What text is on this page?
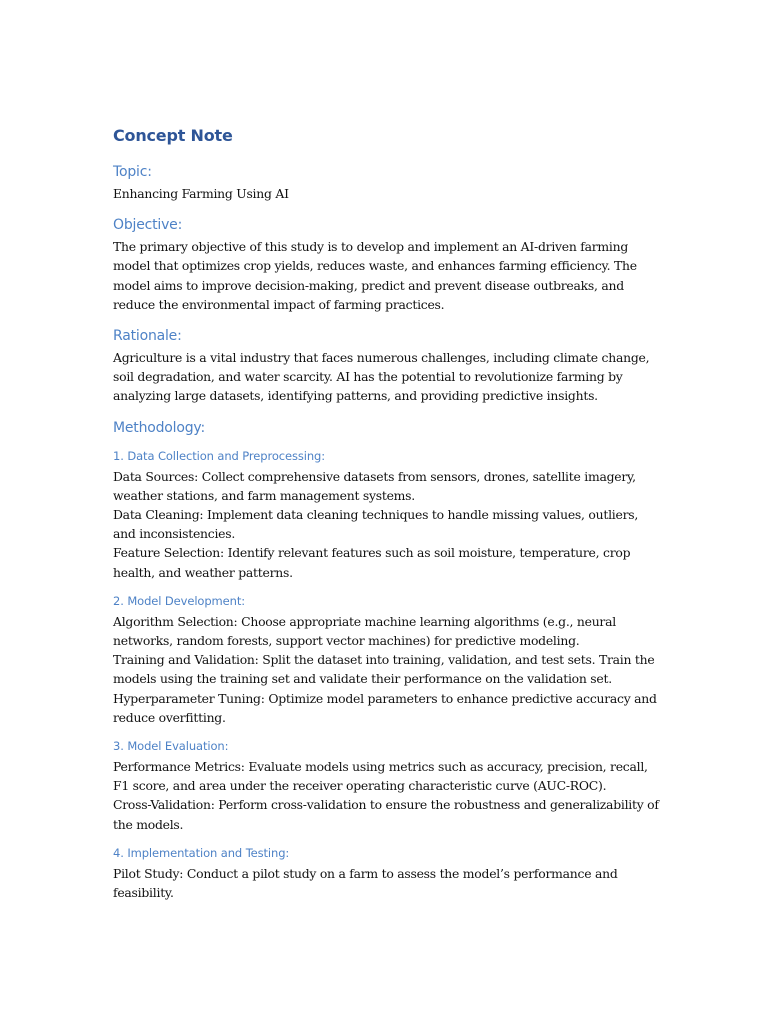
Concept Note
Topic:

Enhancing Farming Using AI

Objective:

The primary objective of this study is to develop and implement an AI-driven farming model that optimizes crop yields, reduces waste, and enhances farming efficiency. The model aims to improve decision-making, predict and prevent disease outbreaks, and reduce the environmental impact of farming practices.

Rationale:

Agriculture is a vital industry that faces numerous challenges, including climate change, soil degradation, and water scarcity. AI has the potential to revolutionize farming by analyzing large datasets, identifying patterns, and providing predictive insights.

Methodology:
1. Data Collection and Preprocessing:

Data Sources: Collect comprehensive datasets from sensors, drones, satellite imagery, weather stations, and farm management systems.

Data Cleaning: Implement data cleaning techniques to handle missing values, outliers, and inconsistencies.

Feature Selection: Identify relevant features such as soil moisture, temperature, crop health, and weather patterns.

2. Model Development:

Algorithm Selection: Choose appropriate machine learning algorithms (e.g., neural networks, random forests, support vector machines) for predictive modeling.

Training and Validation: Split the dataset into training, validation, and test sets. Train the models using the training set and validate their performance on the validation set.

Hyperparameter Tuning: Optimize model parameters to enhance predictive accuracy and reduce overfitting.

3. Model Evaluation:

Performance Metrics: Evaluate models using metrics such as accuracy, precision, recall, F1 score, and area under the receiver operating characteristic curve (AUC-ROC).

Cross-Validation: Perform cross-validation to ensure the robustness and generalizability of the models.

4. Implementation and Testing:

Pilot Study: Conduct a pilot study on a farm to assess the model’s performance and feasibility.
